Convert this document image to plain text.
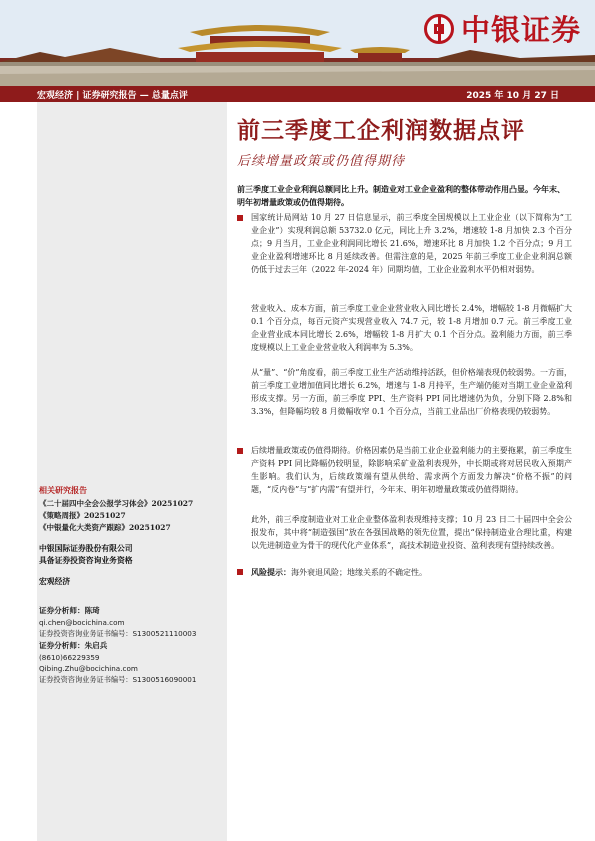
中银证券
宏观经济 | 证券研究报告 — 总量点评	2025 年 10 月 27 日
相关研究报告
《二十届四中全会公报学习体会》20251027
《策略周报》20251027
《中银量化大类资产跟踪》20251027
中银国际证券股份有限公司
具备证券投资咨询业务资格
宏观经济
证券分析师：陈琦
qi.chen@bocichina.com
证券投资咨询业务证书编号：S1300521110003
证券分析师：朱启兵
(8610)66229359
Qibing.Zhu@bocichina.com
证券投资咨询业务证书编号：S1300516090001
前三季度工企利润数据点评
后续增量政策或仍值得期待
前三季度工业企业利润总额同比上升。制造业对工业企业盈利的整体带动作用凸显。今年末、明年初增量政策或仍值得期待。
国家统计局网站 10 月 27 日信息显示，前三季度全国规模以上工业企业（以下简称为“工业企业”）实现利润总额 53732.0 亿元，同比上升 3.2%，增速较 1-8 月加快 2.3 个百分点；9 月当月，工业企业利润同比增长 21.6%，增速环比 8 月加快 1.2 个百分点；9 月工业企业盈利增速环比 8 月延续改善。但需注意的是，2025 年前三季度工业企业利润总额仍低于过去三年（2022 年-2024 年）同期均值，工业企业盈利水平仍相对弱势。
营业收入、成本方面，前三季度工业企业营业收入同比增长 2.4%，增幅较 1-8 月微幅扩大 0.1 个百分点，每百元资产实现营业收入 74.7 元，较 1-8 月增加 0.7 元。前三季度工业企业营业成本同比增长 2.6%，增幅较 1-8 月扩大 0.1 个百分点。盈利能力方面，前三季度规模以上工业企业营业收入利润率为 5.3%。
从“量”、“价”角度看，前三季度工业生产活动维持活跃，但价格端表现仍较弱势。一方面，前三季度工业增加值同比增长 6.2%，增速与 1-8 月持平，生产端仍能对当期工业企业盈利形成支撑。另一方面，前三季度 PPI、生产资料 PPI 同比增速仍为负，分别下降 2.8%和 3.3%，但降幅均较 8 月微幅收窄 0.1 个百分点，当前工业品出厂价格表现仍较弱势。
后续增量政策或仍值得期待。价格因素仍是当前工业企业盈利能力的主要拖累，前三季度生产资料 PPI 同比降幅仍较明显，除影响采矿业盈利表现外，中长期或将对居民收入预期产生影响。我们认为，后续政策端有望从供给、需求两个方面发力解决“价格不振”的问题，“反内卷”与“扩内需”有望并行，今年末、明年初增量政策或仍值得期待。
此外，前三季度制造业对工业企业整体盈利表现维持支撑；10 月 23 日二十届四中全会公报发布，其中将“制造强国”放在各强国战略的领先位置，提出“保持制造业合理比重，构建以先进制造业为骨干的现代化产业体系”，高技术制造业投资、盈利表现有望持续改善。
风险提示：海外衰退风险；地缘关系的不确定性。
